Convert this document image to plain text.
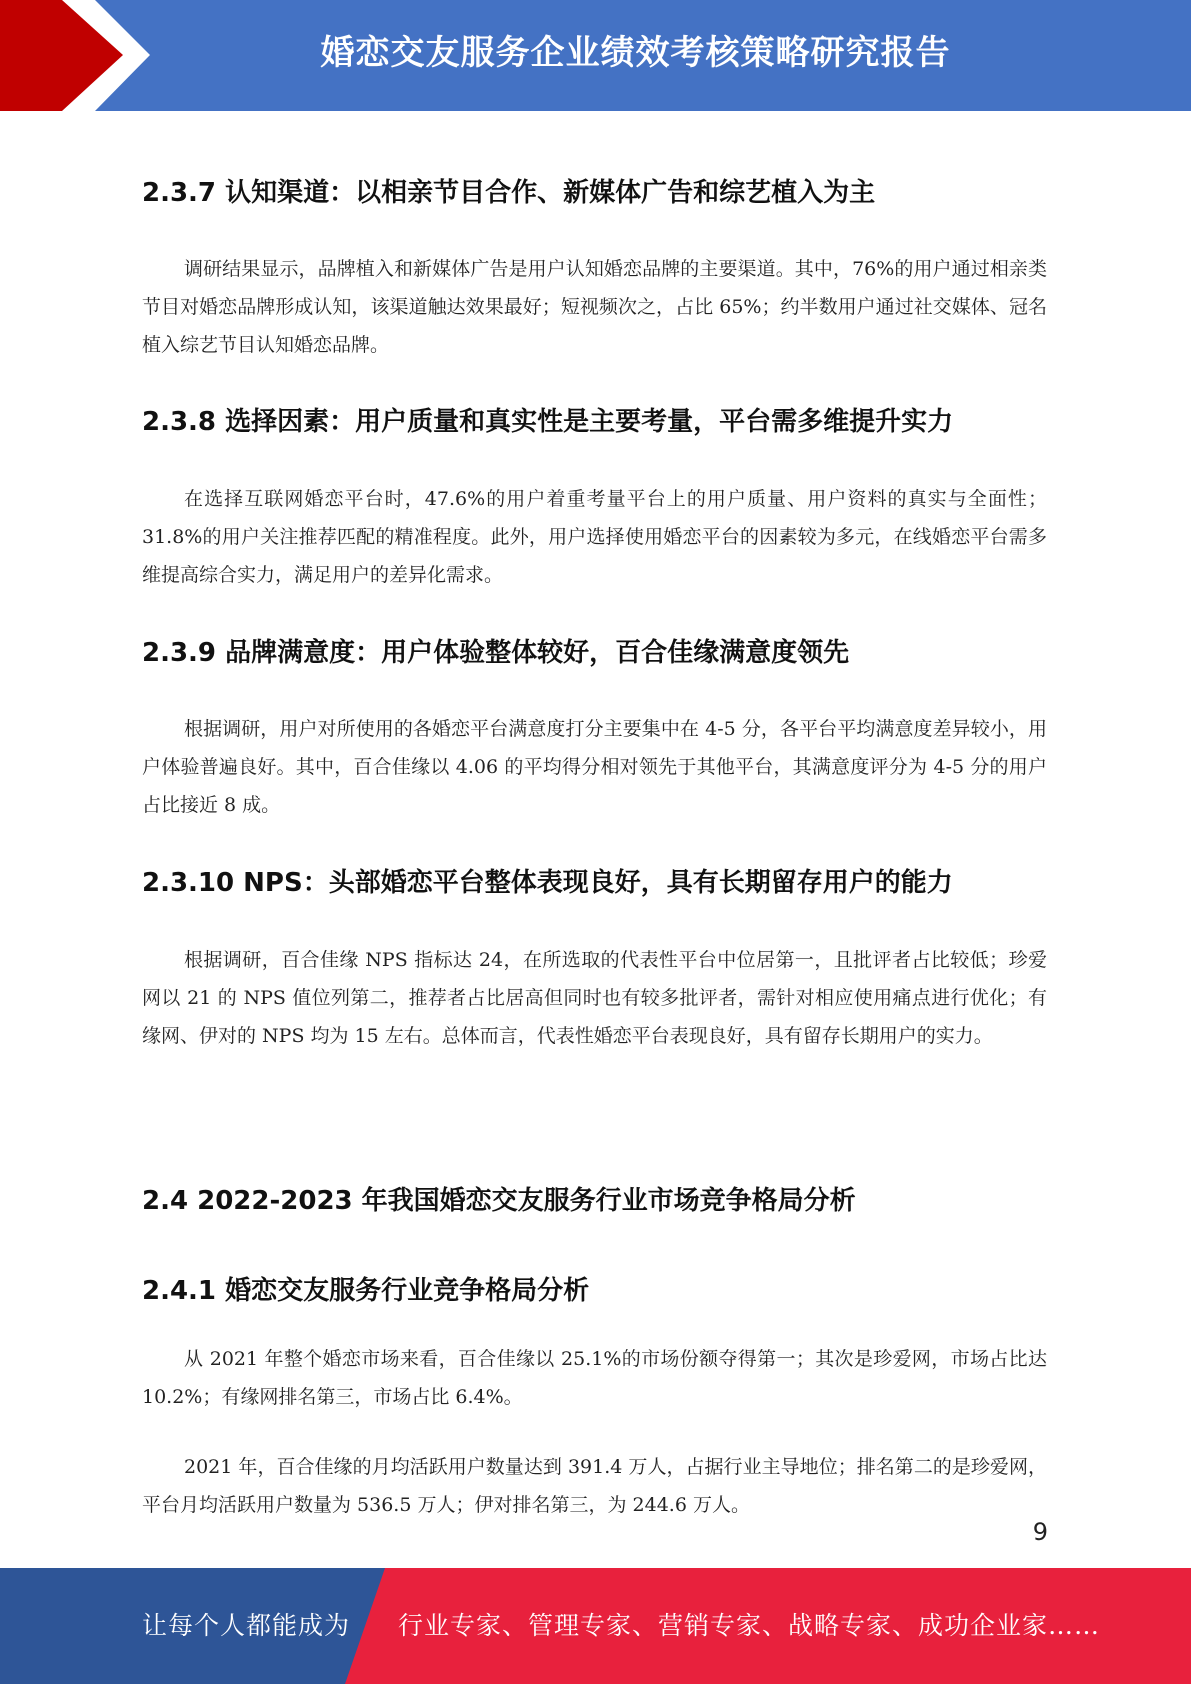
婚恋交友服务企业绩效考核策略研究报告
2.3.7 认知渠道：以相亲节目合作、新媒体广告和综艺植入为主

调研结果显示，品牌植入和新媒体广告是用户认知婚恋品牌的主要渠道。其中，76%的用户通过相亲类节目对婚恋品牌形成认知，该渠道触达效果最好；短视频次之，占比 65%；约半数用户通过社交媒体、冠名植入综艺节目认知婚恋品牌。

2.3.8 选择因素：用户质量和真实性是主要考量，平台需多维提升实力

在选择互联网婚恋平台时，47.6%的用户着重考量平台上的用户质量、用户资料的真实与全面性；31.8%的用户关注推荐匹配的精准程度。此外，用户选择使用婚恋平台的因素较为多元，在线婚恋平台需多维提高综合实力，满足用户的差异化需求。

2.3.9 品牌满意度：用户体验整体较好，百合佳缘满意度领先

根据调研，用户对所使用的各婚恋平台满意度打分主要集中在 4-5 分，各平台平均满意度差异较小，用户体验普遍良好。其中，百合佳缘以 4.06 的平均得分相对领先于其他平台，其满意度评分为 4-5 分的用户占比接近 8 成。

2.3.10 NPS：头部婚恋平台整体表现良好，具有长期留存用户的能力

根据调研，百合佳缘 NPS 指标达 24，在所选取的代表性平台中位居第一，且批评者占比较低；珍爱网以 21 的 NPS 值位列第二，推荐者占比居高但同时也有较多批评者，需针对相应使用痛点进行优化；有缘网、伊对的 NPS 均为 15 左右。总体而言，代表性婚恋平台表现良好，具有留存长期用户的实力。

2.4 2022-2023 年我国婚恋交友服务行业市场竞争格局分析
2.4.1 婚恋交友服务行业竞争格局分析

从 2021 年整个婚恋市场来看，百合佳缘以 25.1%的市场份额夺得第一；其次是珍爱网，市场占比达 10.2%；有缘网排名第三，市场占比 6.4%。

2021 年，百合佳缘的月均活跃用户数量达到 391.4 万人，占据行业主导地位；排名第二的是珍爱网，平台月均活跃用户数量为 536.5 万人；伊对排名第三，为 244.6 万人。

9
让每个人都能成为 行业专家、管理专家、营销专家、战略专家、成功企业家……
